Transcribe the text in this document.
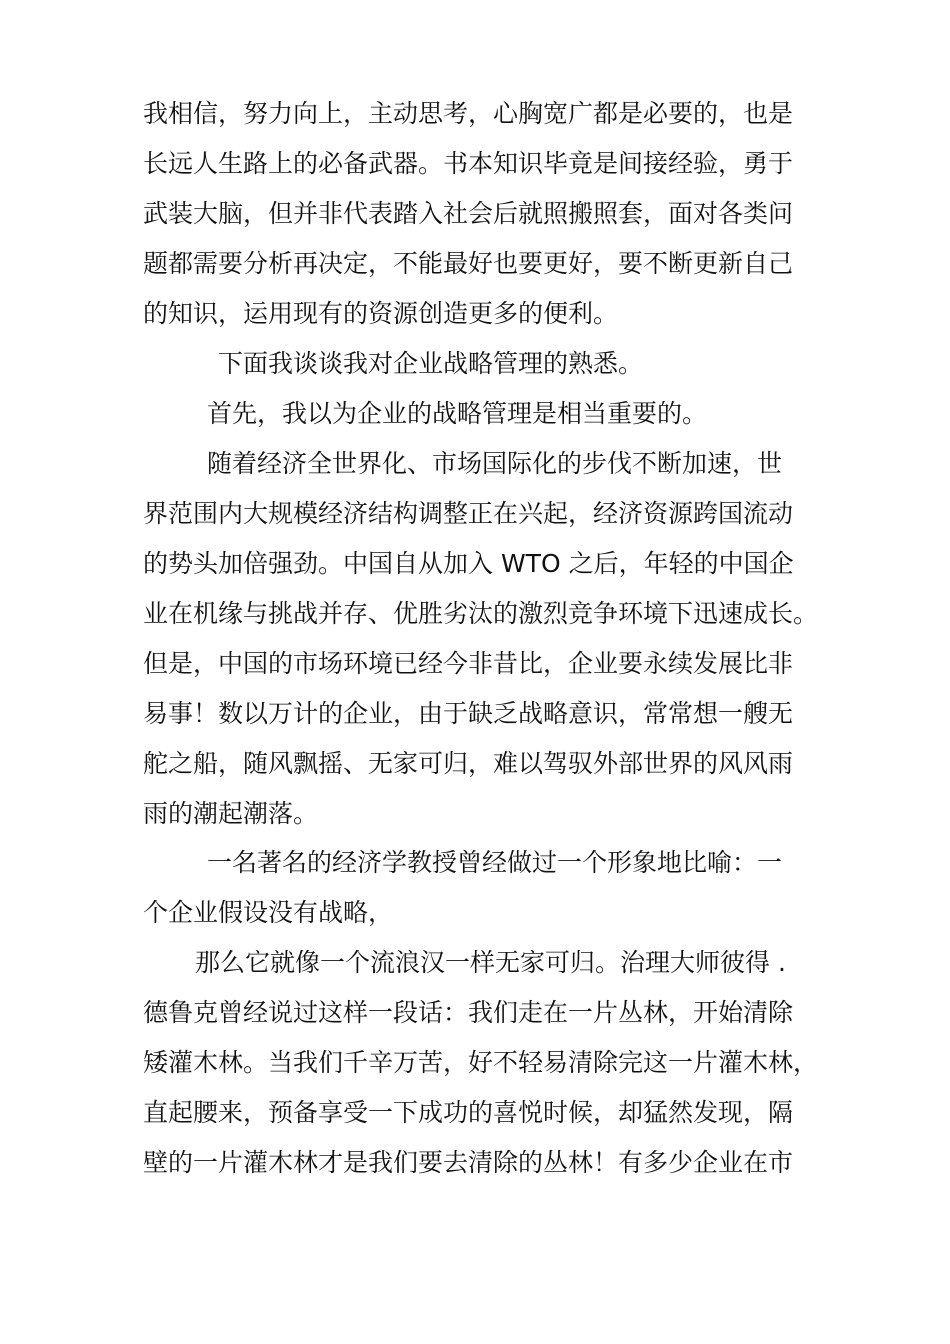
我相信，努力向上，主动思考，心胸宽广都是必要的，也是
长远人生路上的必备武器。书本知识毕竟是间接经验，勇于
武装大脑，但并非代表踏入社会后就照搬照套，面对各类问
题都需要分析再决定，不能最好也要更好，要不断更新自己
的知识，运用现有的资源创造更多的便利。
下面我谈谈我对企业战略管理的熟悉。
首先，我以为企业的战略管理是相当重要的。
随着经济全世界化、市场国际化的步伐不断加速，世
界范围内大规模经济结构调整正在兴起，经济资源跨国流动
的势头加倍强劲。中国自从加入 WTO 之后，年轻的中国企
业在机缘与挑战并存、优胜劣汰的激烈竞争环境下迅速成长。
但是，中国的市场环境已经今非昔比，企业要永续发展比非
易事！数以万计的企业，由于缺乏战略意识，常常想一艘无
舵之船，随风飘摇、无家可归，难以驾驭外部世界的风风雨
雨的潮起潮落。
一名著名的经济学教授曾经做过一个形象地比喻：一
个企业假设没有战略，
那么它就像一个流浪汉一样无家可归。治理大师彼得 .
德鲁克曾经说过这样一段话：我们走在一片丛林，开始清除
矮灌木林。当我们千辛万苦，好不轻易清除完这一片灌木林，
直起腰来，预备享受一下成功的喜悦时候，却猛然发现，隔
壁的一片灌木林才是我们要去清除的丛林！有多少企业在市
